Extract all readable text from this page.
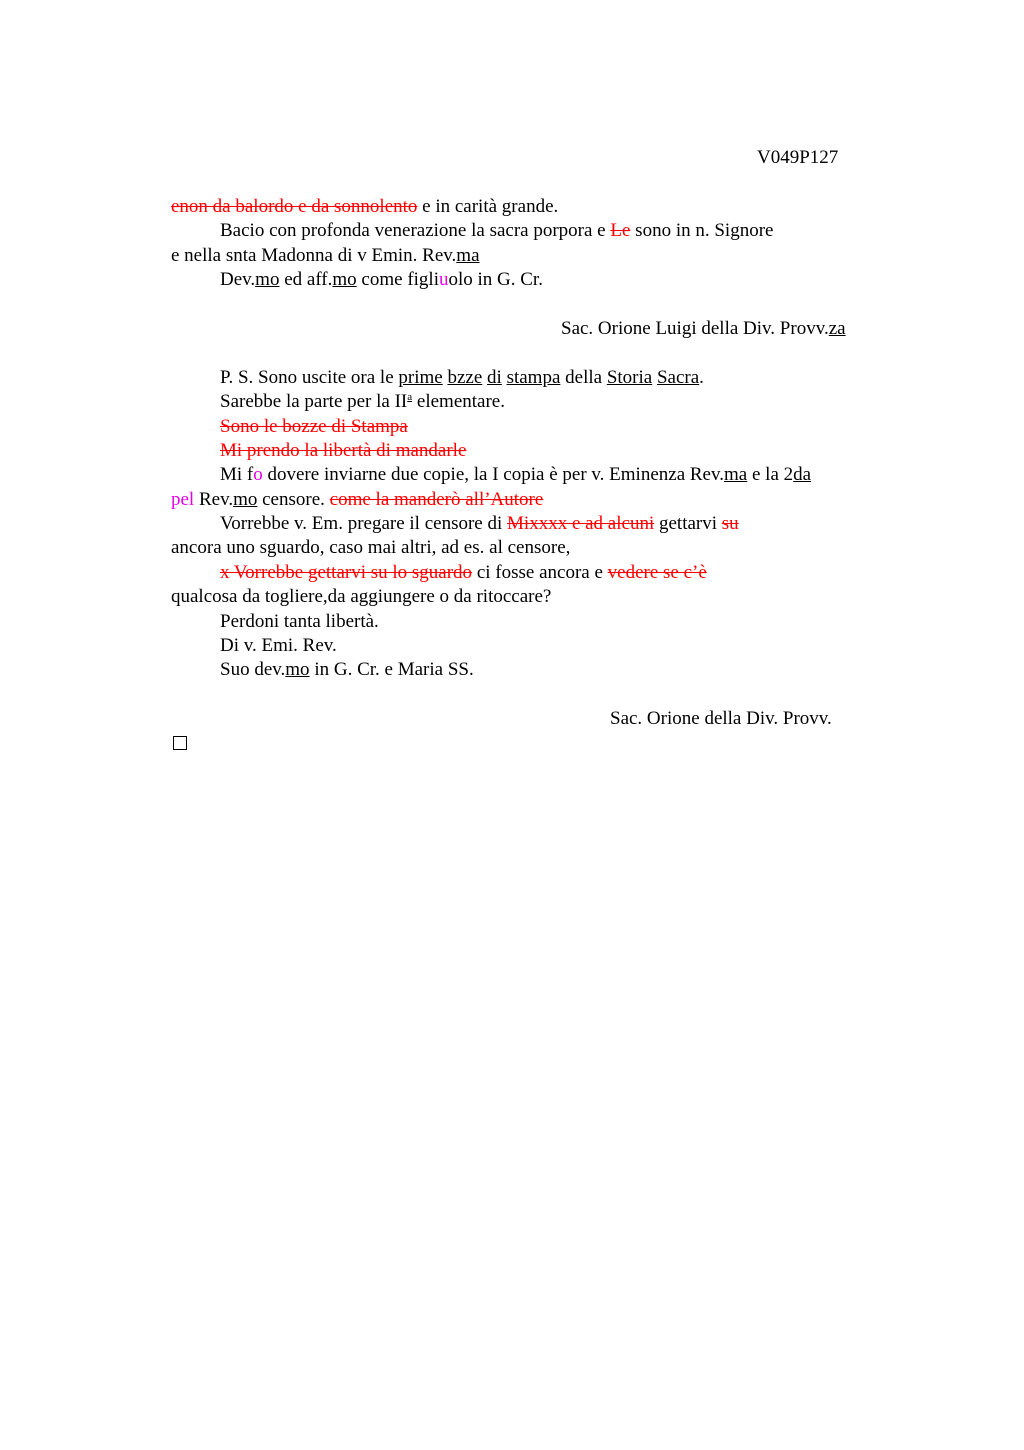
V049P127
enon da balordo e da sonnolento e in carità grande.
Bacio con profonda venerazione la sacra porpora e Le sono in n. Signore
e nella snta Madonna di v Emin. Rev.ma
Dev.mo ed aff.mo come figliuolo in G. Cr.
Sac. Orione Luigi della Div. Provv.za
P. S. Sono uscite ora le prime bzze di stampa della Storia Sacra.
Sarebbe la parte per la $II^a$ elementare.
Sono le bozze di Stampa
Mi prendo la libertà di mandarle
Mi fo dovere inviarne due copie, la I copia è per v. Eminenza Rev.ma e la 2da
pel Rev.mo censore. come la manderò all’Autore
Vorrebbe v. Em. pregare il censore di Mixxxx e ad alcuni gettarvi su
ancora uno sguardo, caso mai altri, ad es. al censore,
x Vorrebbe gettarvi su lo sguardo ci fosse ancora e vedere se c’è
qualcosa da togliere,da aggiungere o da ritoccare?
Perdoni tanta libertà.
Di v. Emi. Rev.
Suo dev.mo in G. Cr. e Maria SS.
Sac. Orione della Div. Provv.
